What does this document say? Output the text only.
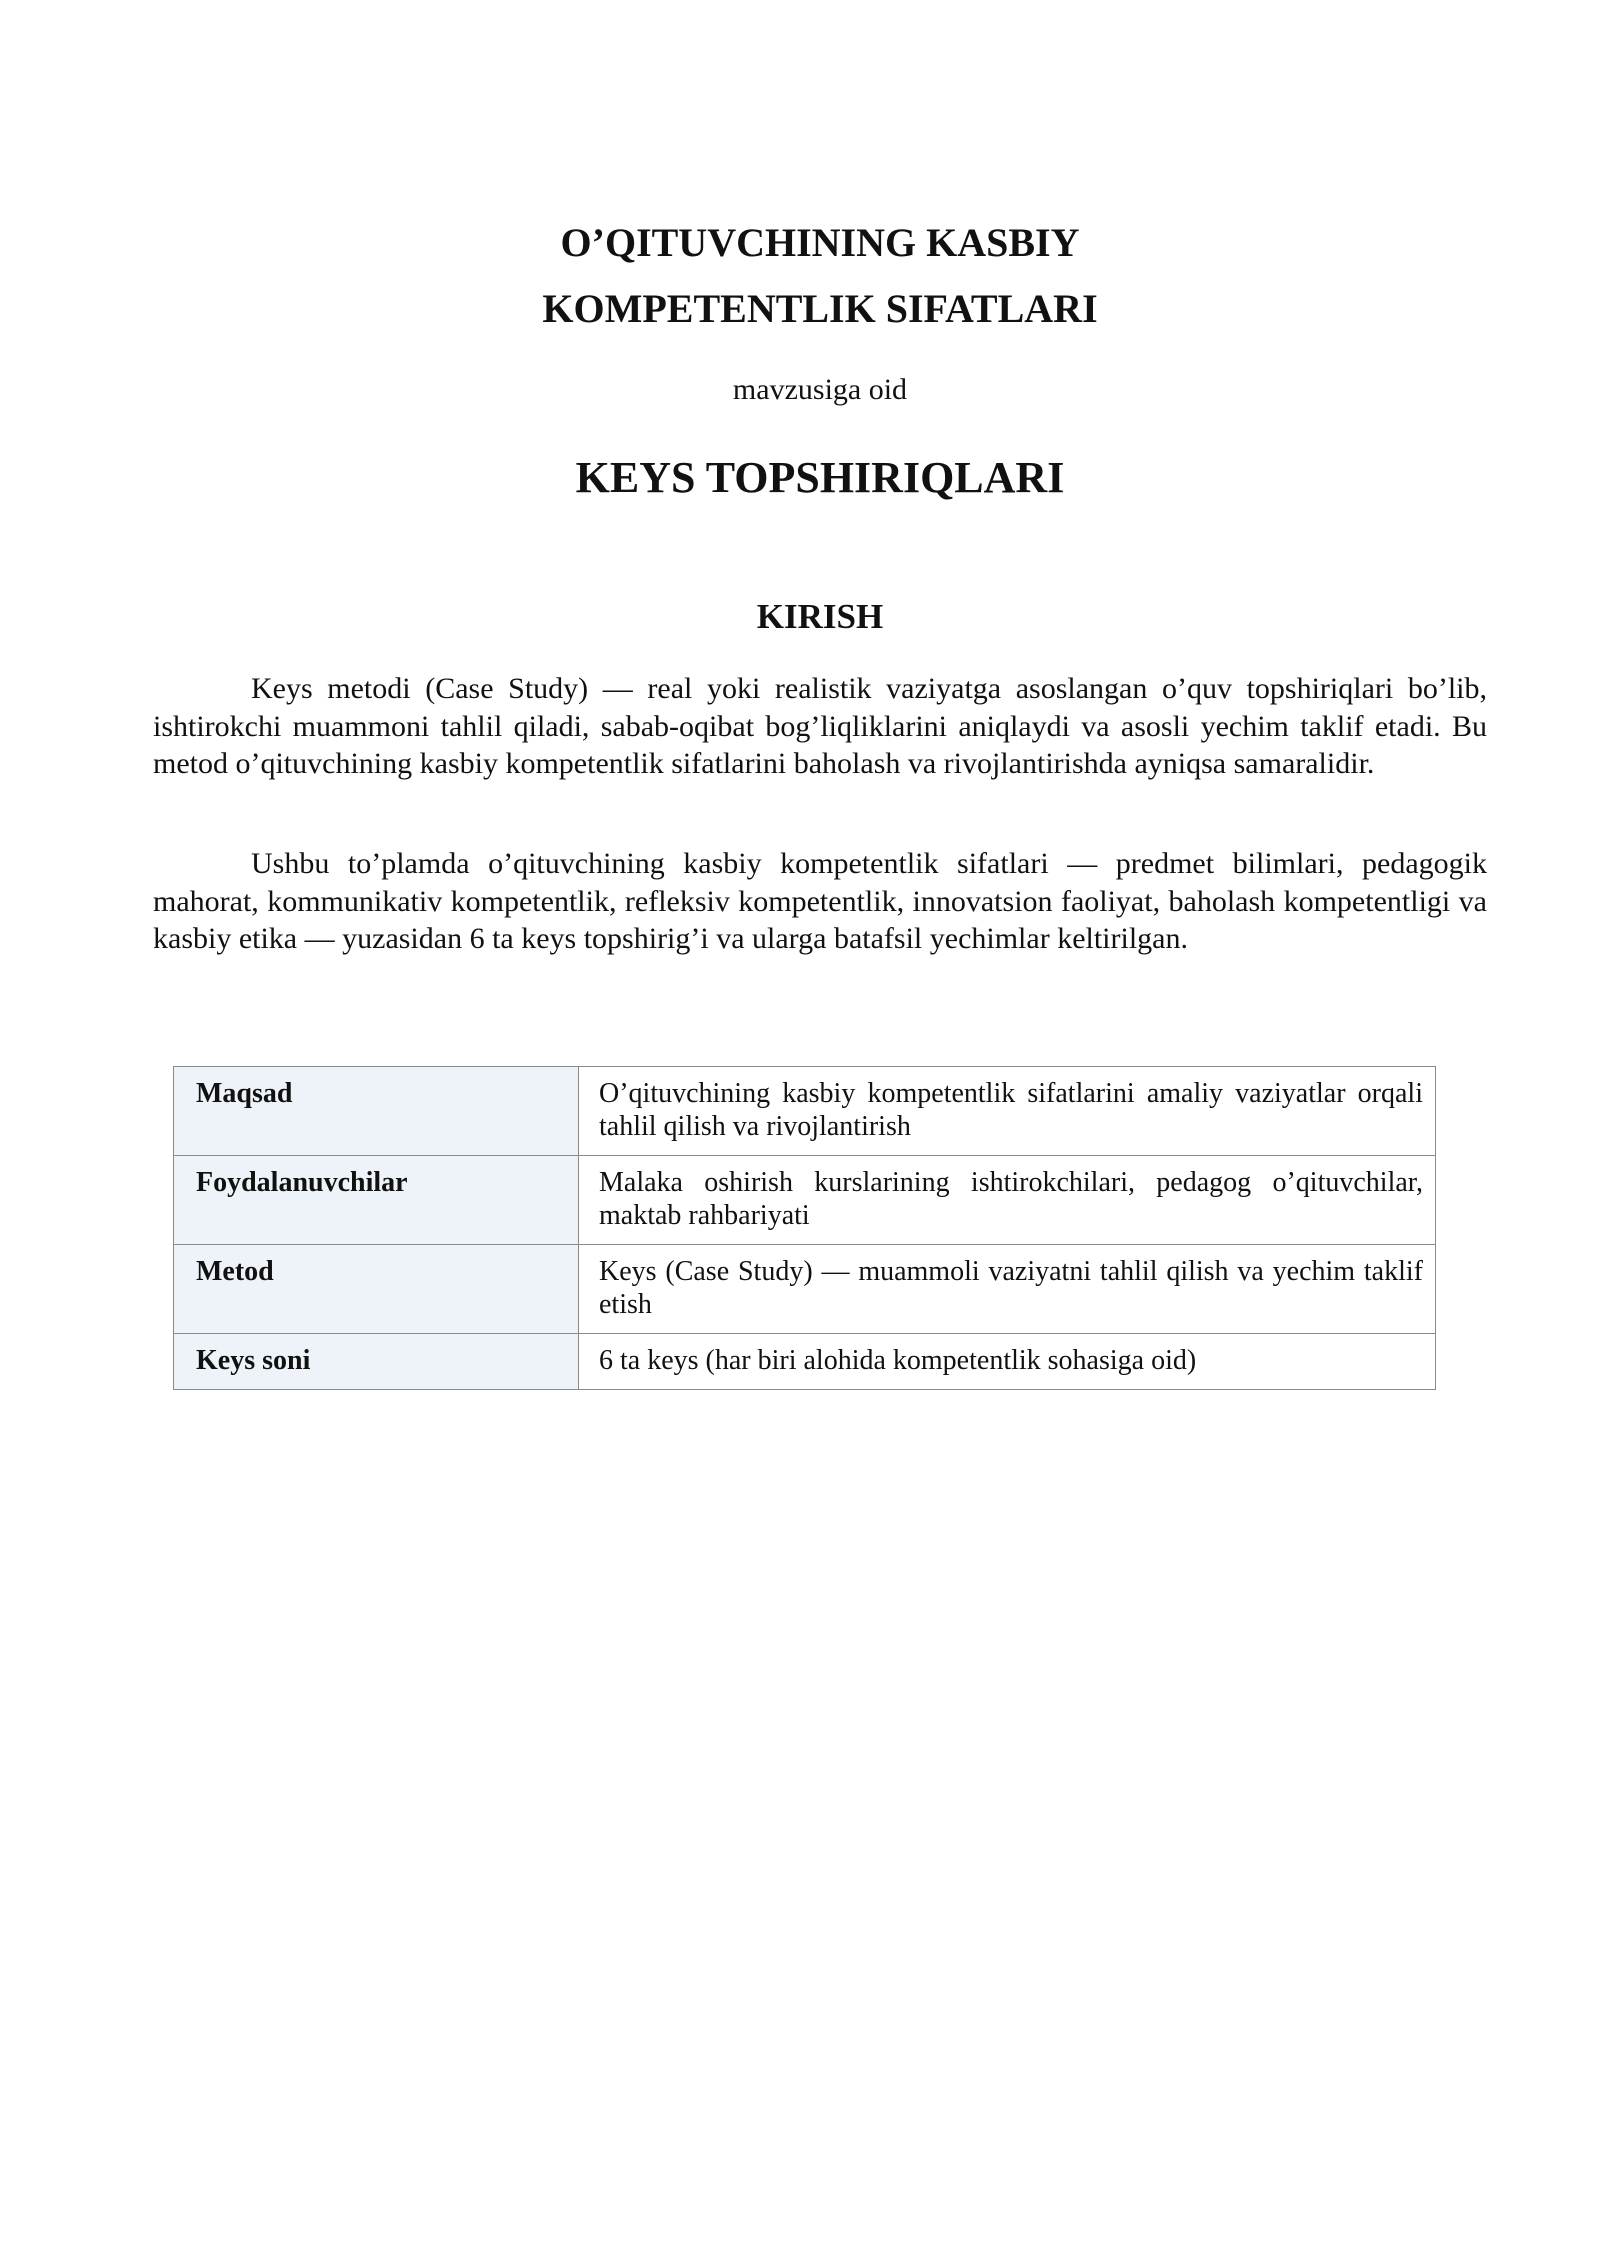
O’QITUVCHINING KASBIY
KOMPETENTLIK SIFATLARI

mavzusiga oid

KEYS TOPSHIRIQLARI
KIRISH

Keys metodi (Case Study) — real yoki realistik vaziyatga asoslangan o’quv topshiriqlari bo’lib, ishtirokchi muammoni tahlil qiladi, sabab-oqibat bog’liqliklarini aniqlaydi va asosli yechim taklif etadi. Bu metod o’qituvchining kasbiy kompetentlik sifatlarini baholash va rivojlantirishda ayniqsa samaralidir.

Ushbu to’plamda o’qituvchining kasbiy kompetentlik sifatlari — predmet bilimlari, pedagogik mahorat, kommunikativ kompetentlik, refleksiv kompetentlik, innovatsion faoliyat, baholash kompetentligi va kasbiy etika — yuzasidan 6 ta keys topshirig’i va ularga batafsil yechimlar keltirilgan.

Maqsad	O’qituvchining kasbiy kompetentlik sifatlarini amaliy vaziyatlar orqali tahlil qilish va rivojlantirish
Foydalanuvchilar	Malaka oshirish kurslarining ishtirokchilari, pedagog o’qituvchilar, maktab rahbariyati
Metod	Keys (Case Study) — muammoli vaziyatni tahlil qilish va yechim taklif etish
Keys soni	6 ta keys (har biri alohida kompetentlik sohasiga oid)
